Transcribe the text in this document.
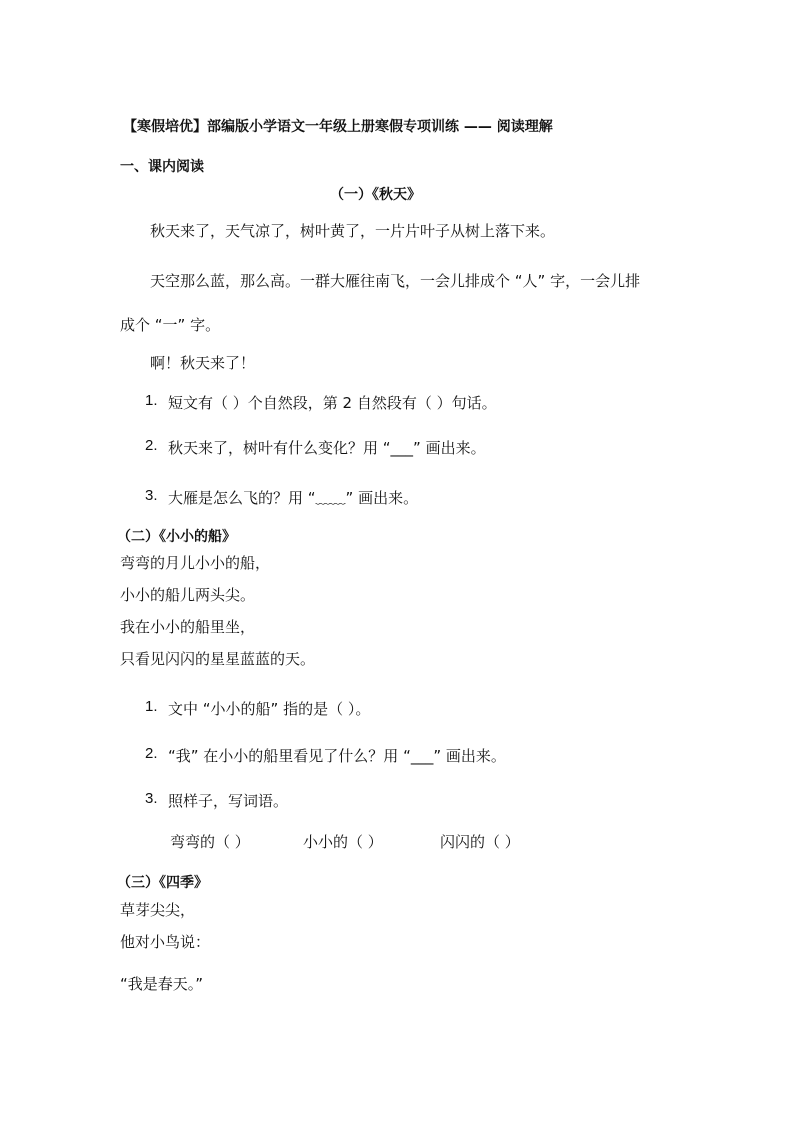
【寒假培优】部编版小学语文一年级上册寒假专项训练 —— 阅读理解
一、课内阅读
（一）《秋天》
秋天来了，天气凉了，树叶黄了，一片片叶子从树上落下来。
天空那么蓝，那么高。一群大雁往南飞，一会儿排成个 “人” 字，一会儿排
成个 “一” 字。
啊！秋天来了！
1. 短文有（ ）个自然段，第 2 自然段有（ ）句话。
2. 秋天来了，树叶有什么变化？用 “___” 画出来。
3. 大雁是怎么飞的？用 “﹏﹏” 画出来。
（二）《小小的船》
弯弯的月儿小小的船，
小小的船儿两头尖。
我在小小的船里坐，
只看见闪闪的星星蓝蓝的天。
1. 文中 “小小的船” 指的是（ ）。
2. “我” 在小小的船里看见了什么？用 “___” 画出来。
3. 照样子，写词语。
弯弯的（ ）	小小的（ ）	闪闪的（ ）
（三）《四季》
草芽尖尖，
他对小鸟说：
“我是春天。”
